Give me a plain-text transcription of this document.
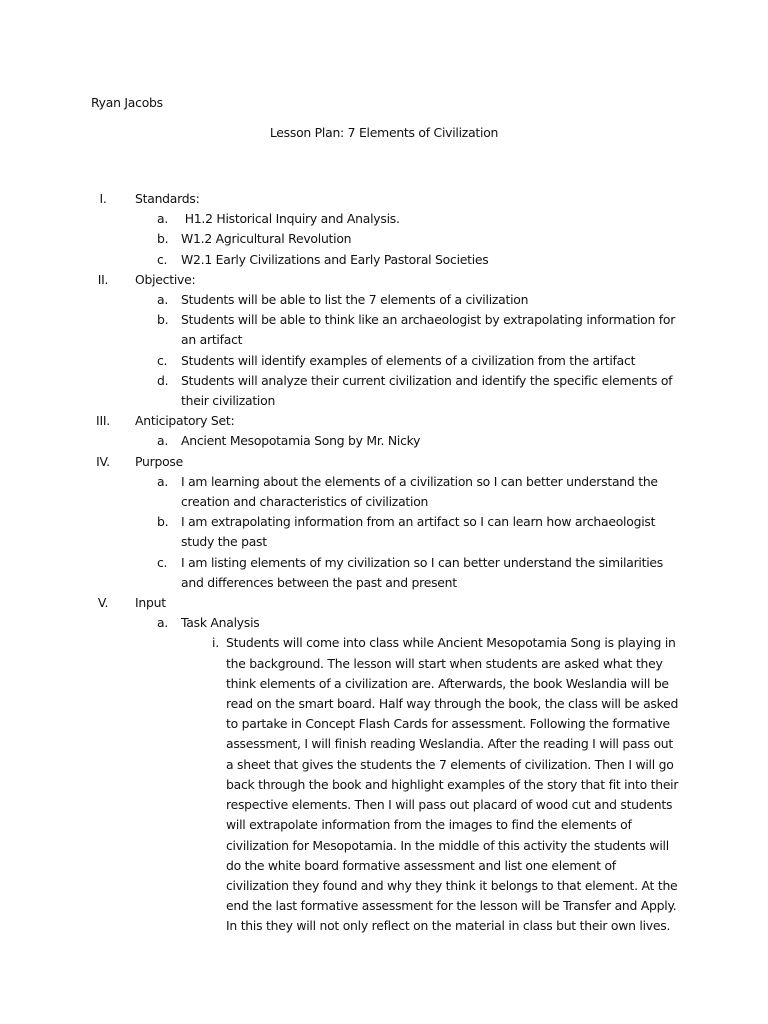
Ryan Jacobs
Lesson Plan: 7 Elements of Civilization
I.	Standards:
a.	H1.2 Historical Inquiry and Analysis.
b.	W1.2 Agricultural Revolution
c.	W2.1 Early Civilizations and Early Pastoral Societies
II.	Objective:
a.	Students will be able to list the 7 elements of a civilization
b.	Students will be able to think like an archaeologist by extrapolating information for an artifact
c.	Students will identify examples of elements of a civilization from the artifact
d.	Students will analyze their current civilization and identify the specific elements of their civilization
III.	Anticipatory Set:
a.	Ancient Mesopotamia Song by Mr. Nicky
IV.	Purpose
a.	I am learning about the elements of a civilization so I can better understand the creation and characteristics of civilization
b.	I am extrapolating information from an artifact so I can learn how archaeologist study the past
c.	I am listing elements of my civilization so I can better understand the similarities and differences between the past and present
V.	Input
a.	Task Analysis
i. Students will come into class while Ancient Mesopotamia Song is playing in the background. The lesson will start when students are asked what they think elements of a civilization are. Afterwards, the book Weslandia will be read on the smart board. Half way through the book, the class will be asked to partake in Concept Flash Cards for assessment. Following the formative assessment, I will finish reading Weslandia. After the reading I will pass out a sheet that gives the students the 7 elements of civilization. Then I will go back through the book and highlight examples of the story that fit into their respective elements. Then I will pass out placard of wood cut and students will extrapolate information from the images to find the elements of civilization for Mesopotamia. In the middle of this activity the students will do the white board formative assessment and list one element of civilization they found and why they think it belongs to that element. At the end the last formative assessment for the lesson will be Transfer and Apply. In this they will not only reflect on the material in class but their own lives.
